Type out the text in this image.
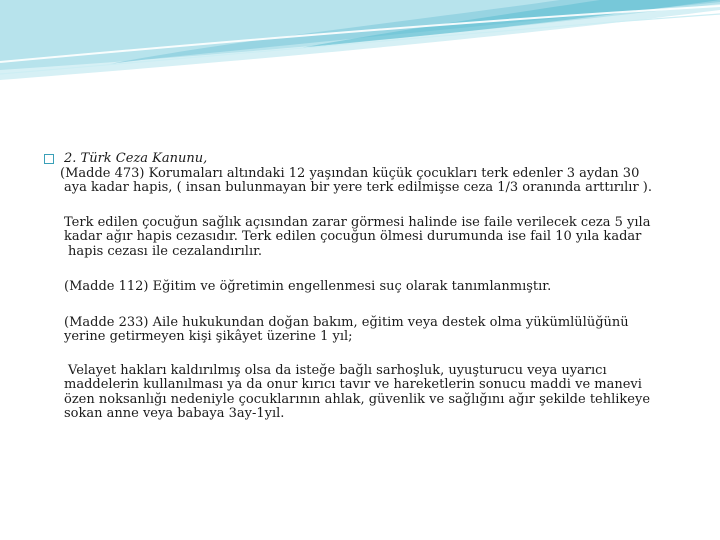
2. Türk Ceza Kanunu,
(Madde 473) Korumaları altındaki 12 yaşından küçük çocukları terk edenler 3 aydan 30
aya kadar hapis, ( insan bulunmayan bir yere terk edilmişse ceza 1/3 oranında arttırılır ).
Terk edilen çocuğun sağlık açısından zarar görmesi halinde ise faile verilecek ceza 5 yıla
kadar ağır hapis cezasıdır. Terk edilen çocuğun ölmesi durumunda ise fail 10 yıla kadar
hapis cezası ile cezalandırılır.
(Madde 112) Eğitim ve öğretimin engellenmesi suç olarak tanımlanmıştır.
(Madde 233) Aile hukukundan doğan bakım, eğitim veya destek olma yükümlülüğünü
yerine getirmeyen kişi şikâyet üzerine 1 yıl;
Velayet hakları kaldırılmış olsa da isteğe bağlı sarhoşluk, uyuşturucu veya uyarıcı
maddelerin kullanılması ya da onur kırıcı tavır ve hareketlerin sonucu maddi ve manevi
özen noksanlığı nedeniyle çocuklarının ahlak, güvenlik ve sağlığını ağır şekilde tehlikeye
sokan anne veya babaya 3ay-1yıl.
